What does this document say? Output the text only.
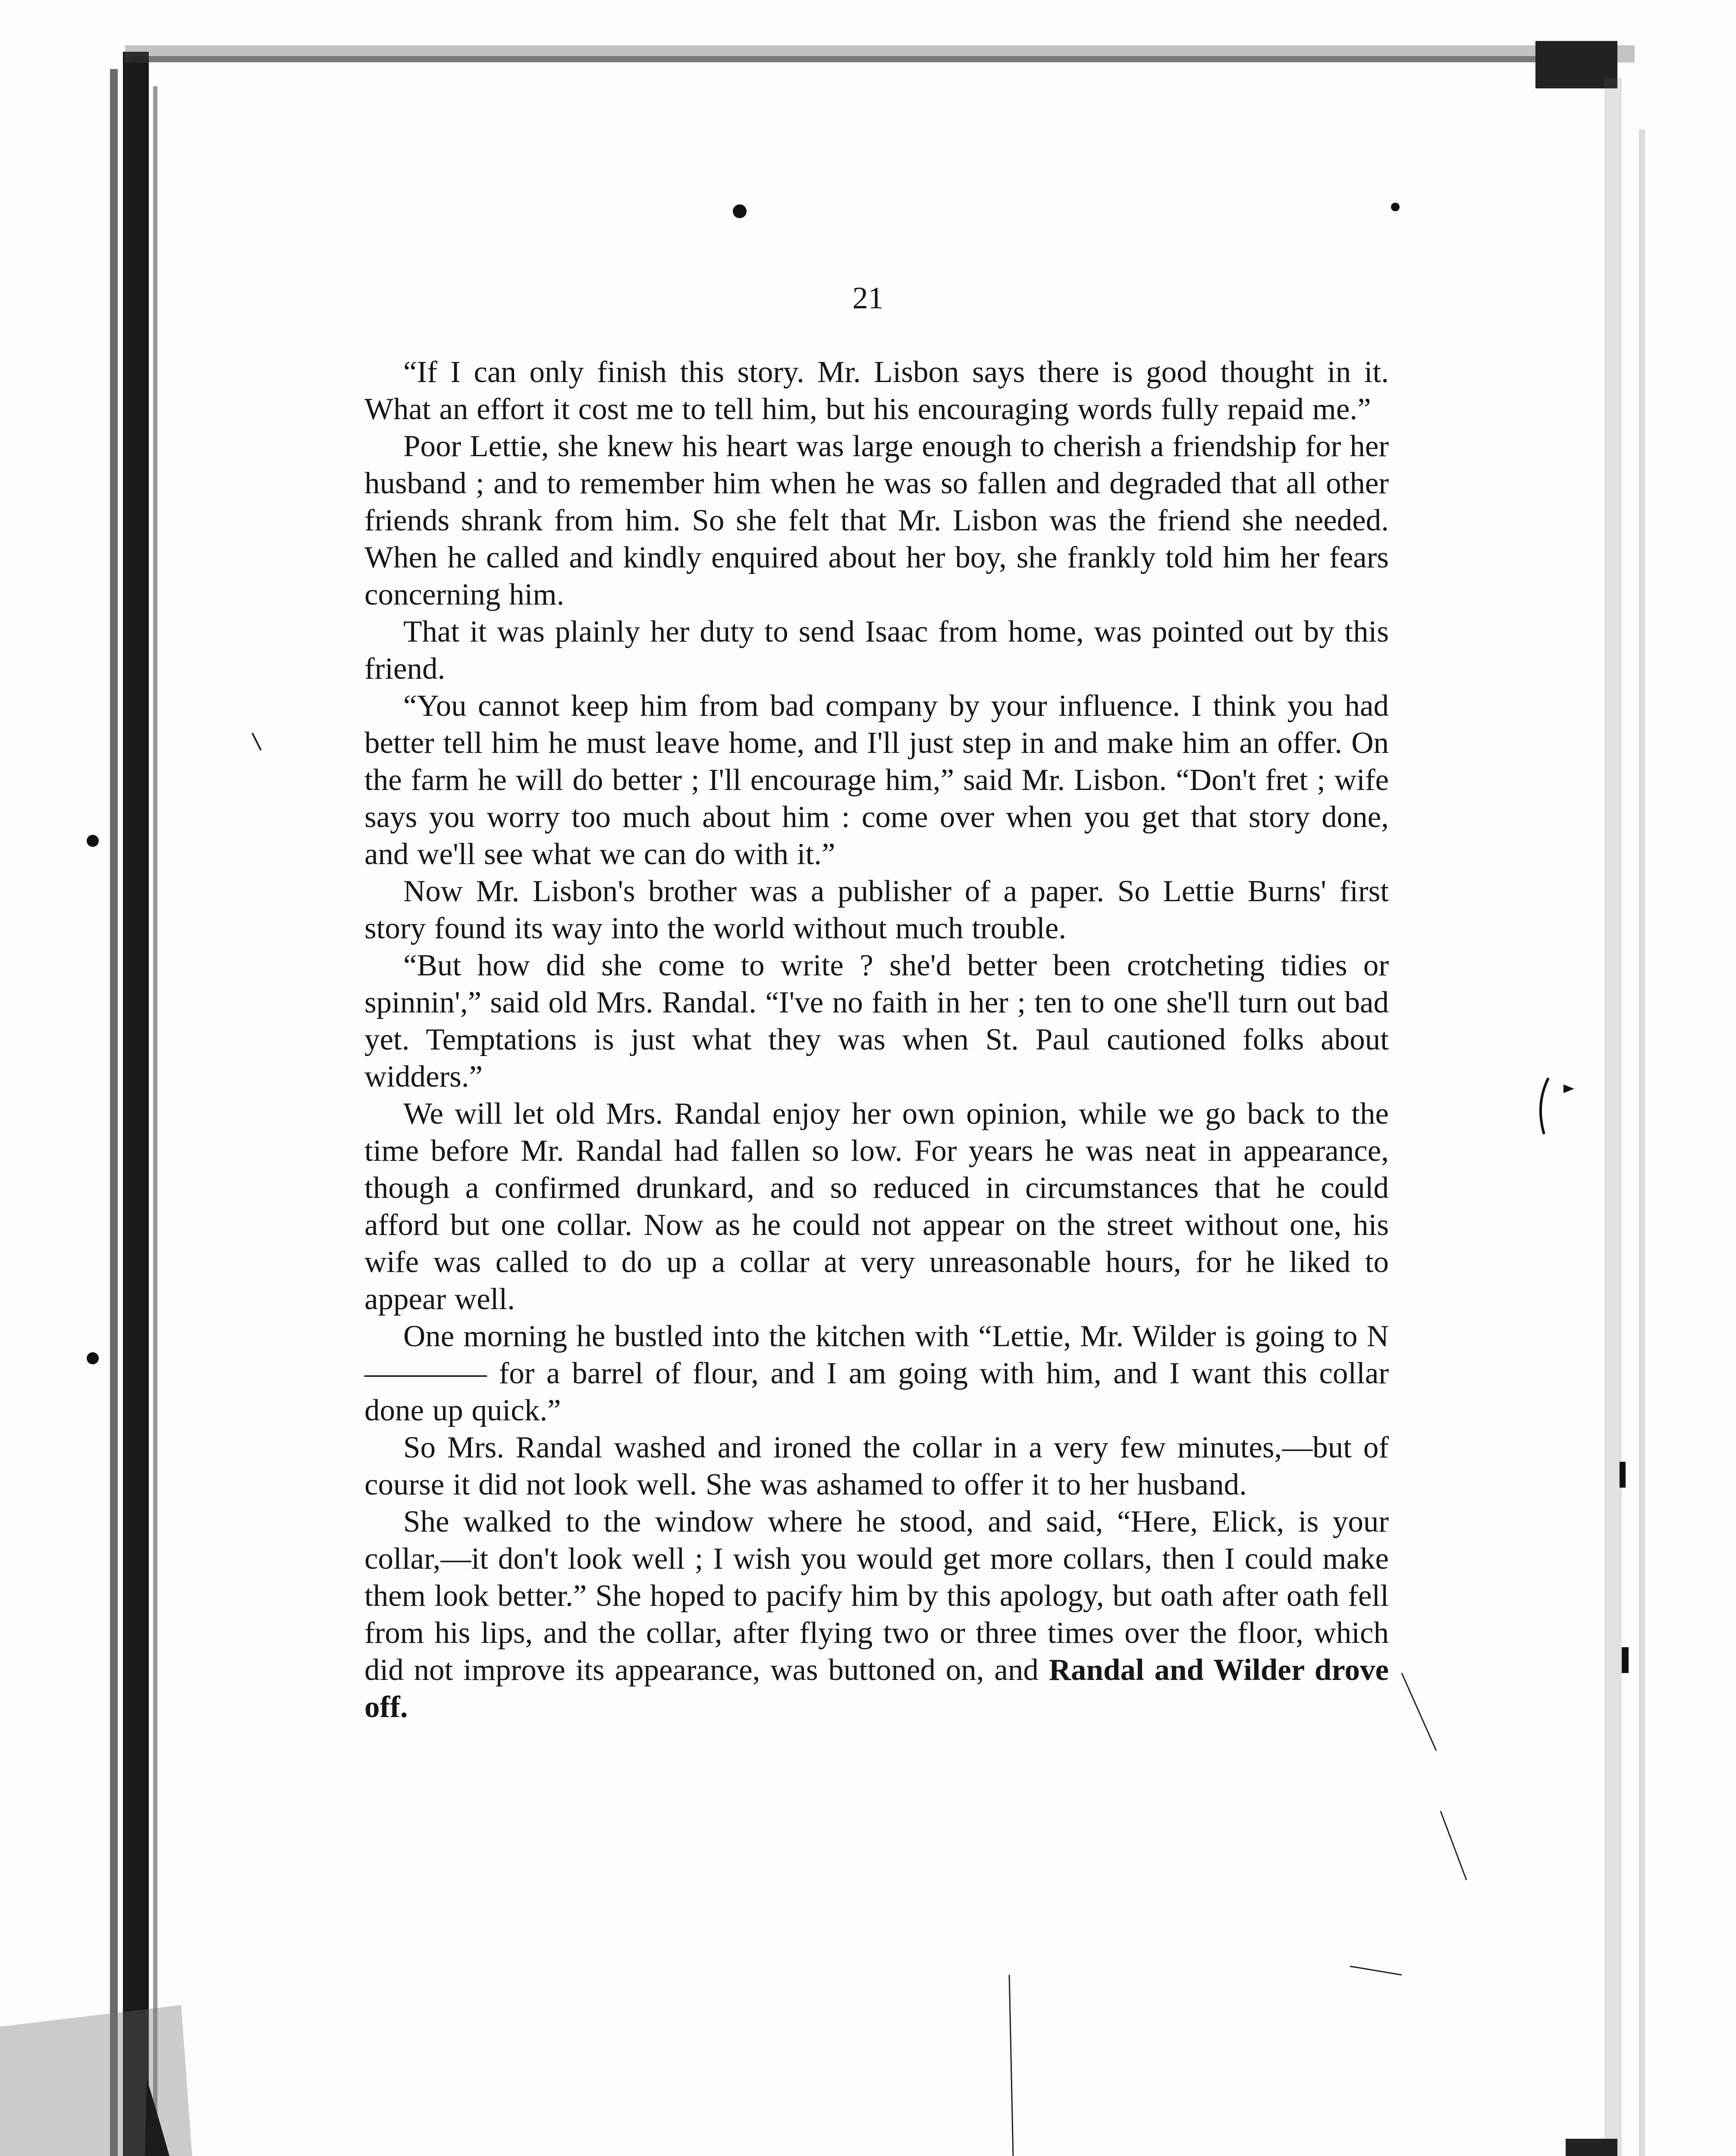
21

“If I can only finish this story. Mr. Lisbon says there is good thought in it. What an effort it cost me to tell him, but his encouraging words fully repaid me.”

Poor Lettie, she knew his heart was large enough to cherish a friendship for her husband ; and to remember him when he was so fallen and degraded that all other friends shrank from him. So she felt that Mr. Lisbon was the friend she needed. When he called and kindly enquired about her boy, she frankly told him her fears concerning him.

That it was plainly her duty to send Isaac from home, was pointed out by this friend.

“You cannot keep him from bad company by your influence. I think you had better tell him he must leave home, and I'll just step in and make him an offer. On the farm he will do better ; I'll encourage him,” said Mr. Lisbon. “Don't fret ; wife says you worry too much about him : come over when you get that story done, and we'll see what we can do with it.”

Now Mr. Lisbon's brother was a publisher of a paper. So Lettie Burns' first story found its way into the world without much trouble.

“But how did she come to write ? she'd better been crotcheting tidies or spinnin',” said old Mrs. Randal. “I've no faith in her ; ten to one she'll turn out bad yet. Temptations is just what they was when St. Paul cautioned folks about widders.”

We will let old Mrs. Randal enjoy her own opinion, while we go back to the time before Mr. Randal had fallen so low. For years he was neat in appearance, though a confirmed drunkard, and so reduced in circumstances that he could afford but one collar. Now as he could not appear on the street without one, his wife was called to do up a collar at very unreasonable hours, for he liked to appear well.

One morning he bustled into the kitchen with “Lettie, Mr. Wilder is going to N———— for a barrel of flour, and I am going with him, and I want this collar done up quick.”

So Mrs. Randal washed and ironed the collar in a very few minutes,—but of course it did not look well. She was ashamed to offer it to her husband.

She walked to the window where he stood, and said, “Here, Elick, is your collar,—it don't look well ; I wish you would get more collars, then I could make them look better.” She hoped to pacify him by this apology, but oath after oath fell from his lips, and the collar, after flying two or three times over the floor, which did not improve its appearance, was buttoned on, and Randal and Wilder drove off.
